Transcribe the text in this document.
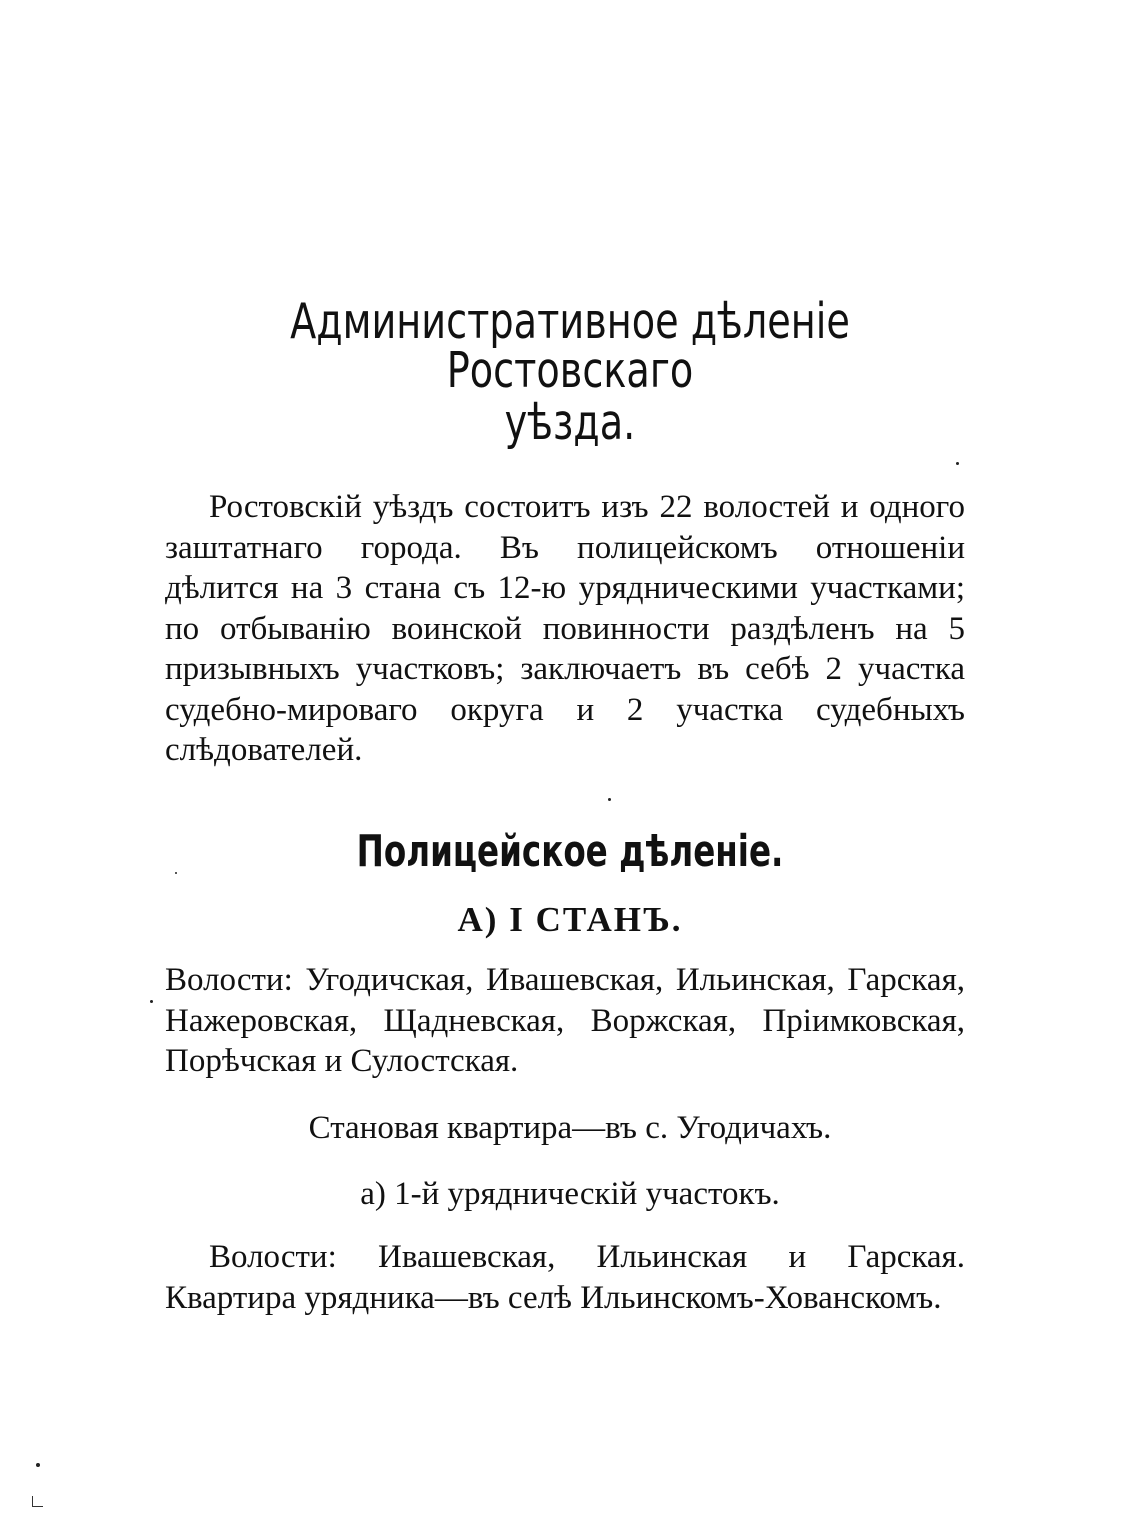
Административное дѣленіе Ростовскаго
уѣзда.

Ростовскій уѣздъ состоитъ изъ 22 волостей и одного заштатнаго города. Въ полицейскомъ отношеніи дѣлится на 3 стана съ 12-ю урядническими участками; по отбыванію воинской повинности раздѣленъ на 5 призывныхъ участковъ; заключаетъ въ себѣ 2 участка судебно-мироваго округа и 2 участка судебныхъ слѣдователей.

Полицейское дѣленіе.
А) I СТАНЪ.

Волости: Угодичская, Ивашевская, Ильинская, Гарская, Нажеровская, Щадневская, Воржская, Пріимковская, Порѣчская и Сулостская.

Становая квартира—въ с. Угодичахъ.

а) 1-й урядническій участокъ.

Волости: Ивашевская, Ильинская и Гарская. Квартира урядника—въ селѣ Ильинскомъ-Хованскомъ.
